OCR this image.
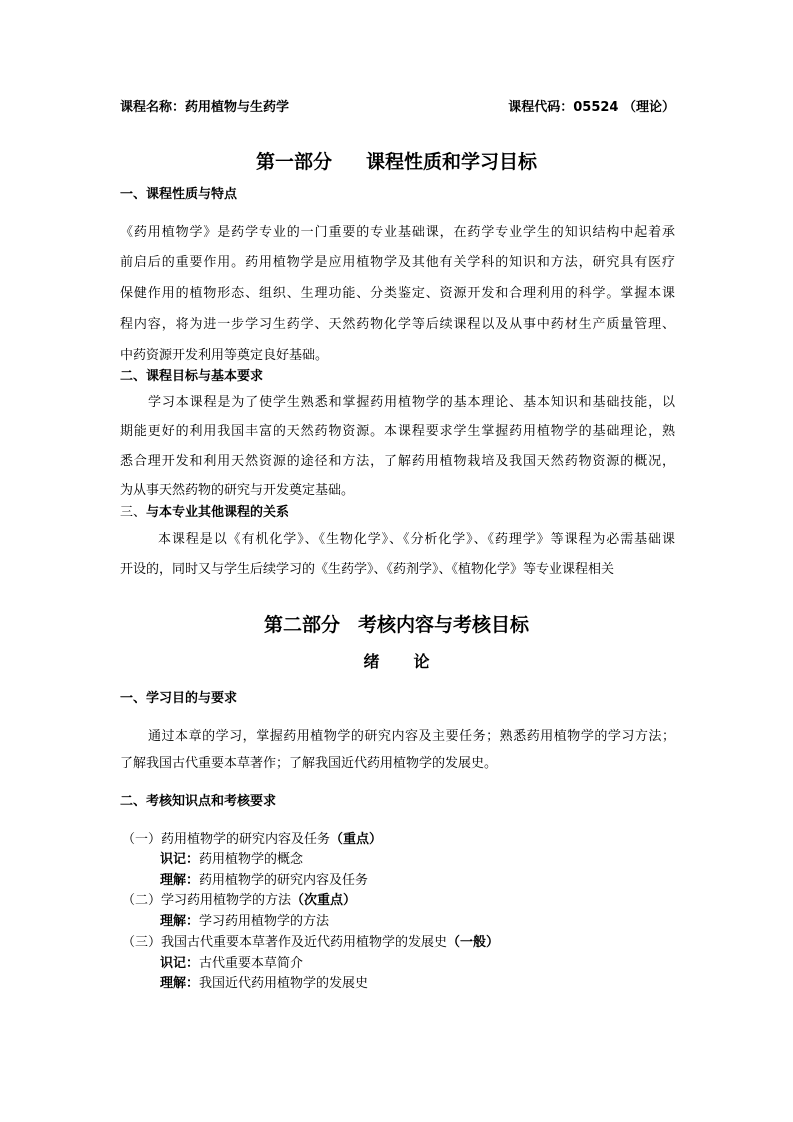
课程名称：药用植物与生药学	课程代码：05524 （理论）
第一部分 课程性质和学习目标
一、课程性质与特点
《药用植物学》是药学专业的一门重要的专业基础课，在药学专业学生的知识结构中起着承
前启后的重要作用。药用植物学是应用植物学及其他有关学科的知识和方法，研究具有医疗
保健作用的植物形态、组织、生理功能、分类鉴定、资源开发和合理利用的科学。掌握本课
程内容，将为进一步学习生药学、天然药物化学等后续课程以及从事中药材生产质量管理、
中药资源开发利用等奠定良好基础。
二、课程目标与基本要求
学习本课程是为了使学生熟悉和掌握药用植物学的基本理论、基本知识和基础技能，以
期能更好的利用我国丰富的天然药物资源。本课程要求学生掌握药用植物学的基础理论，熟
悉合理开发和利用天然资源的途径和方法，了解药用植物栽培及我国天然药物资源的概况，
为从事天然药物的研究与开发奠定基础。
三、与本专业其他课程的关系
本课程是以《有机化学》、《生物化学》、《分析化学》、《药理学》等课程为必需基础课
开设的，同时又与学生后续学习的《生药学》、《药剂学》、《植物化学》等专业课程相关
第二部分 考核内容与考核目标
绪 论
一、学习目的与要求
通过本章的学习，掌握药用植物学的研究内容及主要任务；熟悉药用植物学的学习方法；
了解我国古代重要本草著作；了解我国近代药用植物学的发展史。
二、考核知识点和考核要求
（一）药用植物学的研究内容及任务（重点）
识记：药用植物学的概念
理解：药用植物学的研究内容及任务
（二）学习药用植物学的方法（次重点）
理解：学习药用植物学的方法
（三）我国古代重要本草著作及近代药用植物学的发展史（一般）
识记：古代重要本草简介
理解：我国近代药用植物学的发展史
